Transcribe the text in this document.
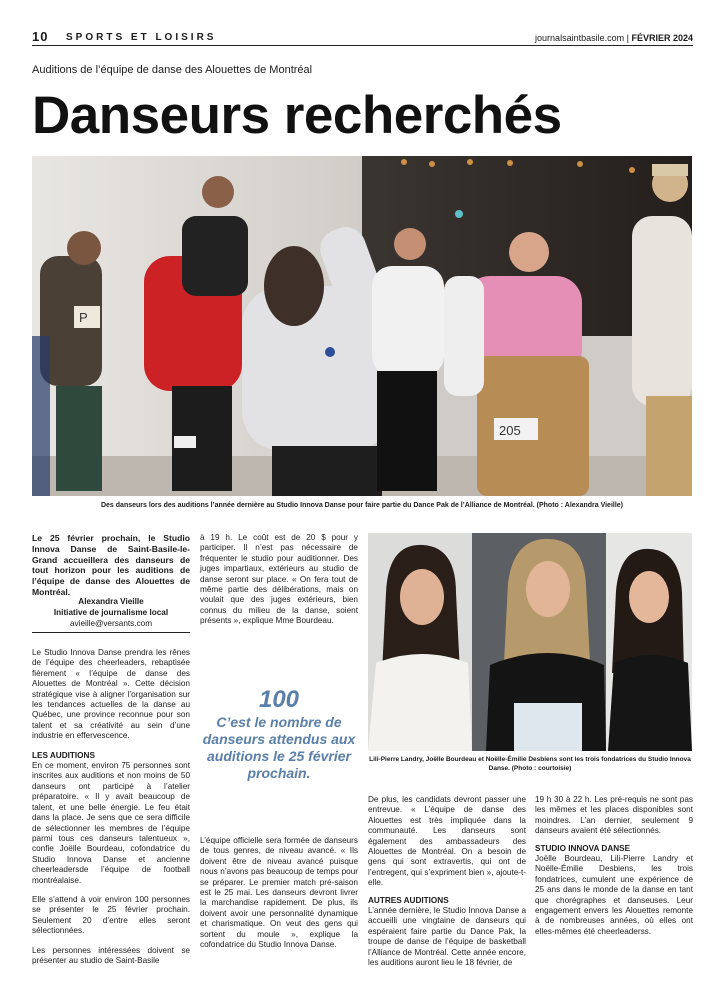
10 SPORTS ET LOISIRS	journalsaintbasile.com | FÉVRIER 2024
Auditions de l’équipe de danse des Alouettes de Montréal
Danseurs recherchés
P
205
Des danseurs lors des auditions l’année dernière au Studio Innova Danse pour faire partie du Dance Pak de l’Alliance de Montréal. (Photo : Alexandra Vieille)
Le 25 février prochain, le Studio Innova Danse de Saint-Basile-le-Grand accueillera des danseurs de tout horizon pour les auditions de l’équipe de danse des Alouettes de Montréal.
Alexandra Vieille
Initiative de journalisme local
avieille@versants.com

Le Studio Innova Danse prendra les rênes de l’équipe des cheerleaders, rebaptisée fièrement « l’équipe de danse des Alouettes de Montréal ». Cette décision stratégique vise à aligner l’organisation sur les tendances actuelles de la danse au Québec, une province reconnue pour son talent et sa créativité au sein d’une industrie en effervescence.

LES AUDITIONS

En ce moment, environ 75 personnes sont inscrites aux auditions et non moins de 50 danseurs ont participé à l’atelier préparatoire. « Il y avait beaucoup de talent, et une belle énergie. Le feu était dans la place. Je sens que ce sera difficile de sélectionner les membres de l’équipe parmi tous ces danseurs talentueux », confie Joëlle Bourdeau, cofondatrice du Studio Innova Danse et ancienne cheerleadersde l’équipe de football montréalaise.

Elle s’attend à voir environ 100 personnes se présenter le 25 février prochain. Seulement 20 d’entre elles seront sélectionnées.

Les personnes intéressées doivent se présenter au studio de Saint-Basile

à 19 h. Le coût est de 20 $ pour y participer. Il n’est pas nécessaire de fréquenter le studio pour auditionner. Des juges impartiaux, extérieurs au studio de danse seront sur place. « On fera tout de même partie des délibérations, mais on voulait que des juges extérieurs, bien connus du milieu de la danse, soient présents », explique Mme Bourdeau.
100
C’est le nombre de danseurs attendus aux auditions le 25 février prochain.
L’équipe officielle sera formée de danseurs de tous genres, de niveau avancé. « Ils doivent être de niveau avancé puisque nous n’avons pas beaucoup de temps pour se préparer. Le premier match pré-saison est le 25 mai. Les danseurs devront livrer la marchandise rapidement. De plus, ils doivent avoir une personnalité dynamique et charismatique. On veut des gens qui sortent du moule », explique la cofondatrice du Studio Innova Danse.
Lili-Pierre Landry, Joëlle Bourdeau et Noëlle-Émilie Desbiens sont les trois fondatrices du Studio Innova Danse. (Photo : courtoisie)

De plus, les candidats devront passer une entrevue. « L’équipe de danse des Alouettes est très impliquée dans la communauté. Les danseurs sont également des ambassadeurs des Alouettes de Montréal. On a besoin de gens qui sont extravertis, qui ont de l’entregent, qui s’expriment bien », ajoute-t-elle.

AUTRES AUDITIONS

L’année dernière, le Studio Innova Danse a accueilli une vingtaine de danseurs qui espéraient faire partie du Dance Pak, la troupe de danse de l’équipe de basketball l’Alliance de Montréal. Cette année encore, les auditions auront lieu le 18 février, de

19 h 30 à 22 h. Les pré-requis ne sont pas les mêmes et les places disponibles sont moindres. L’an dernier, seulement 9 danseurs avaient été sélectionnés.

STUDIO INNOVA DANSE

Joëlle Bourdeau, Lili-Pierre Landry et Noëlle-Émilie Desbiens, les trois fondatrices, cumulent une expérience de 25 ans dans le monde de la danse en tant que chorégraphes et danseuses. Leur engagement envers les Alouettes remonte à de nombreuses années, où elles ont elles-mêmes été cheerleaderss.
